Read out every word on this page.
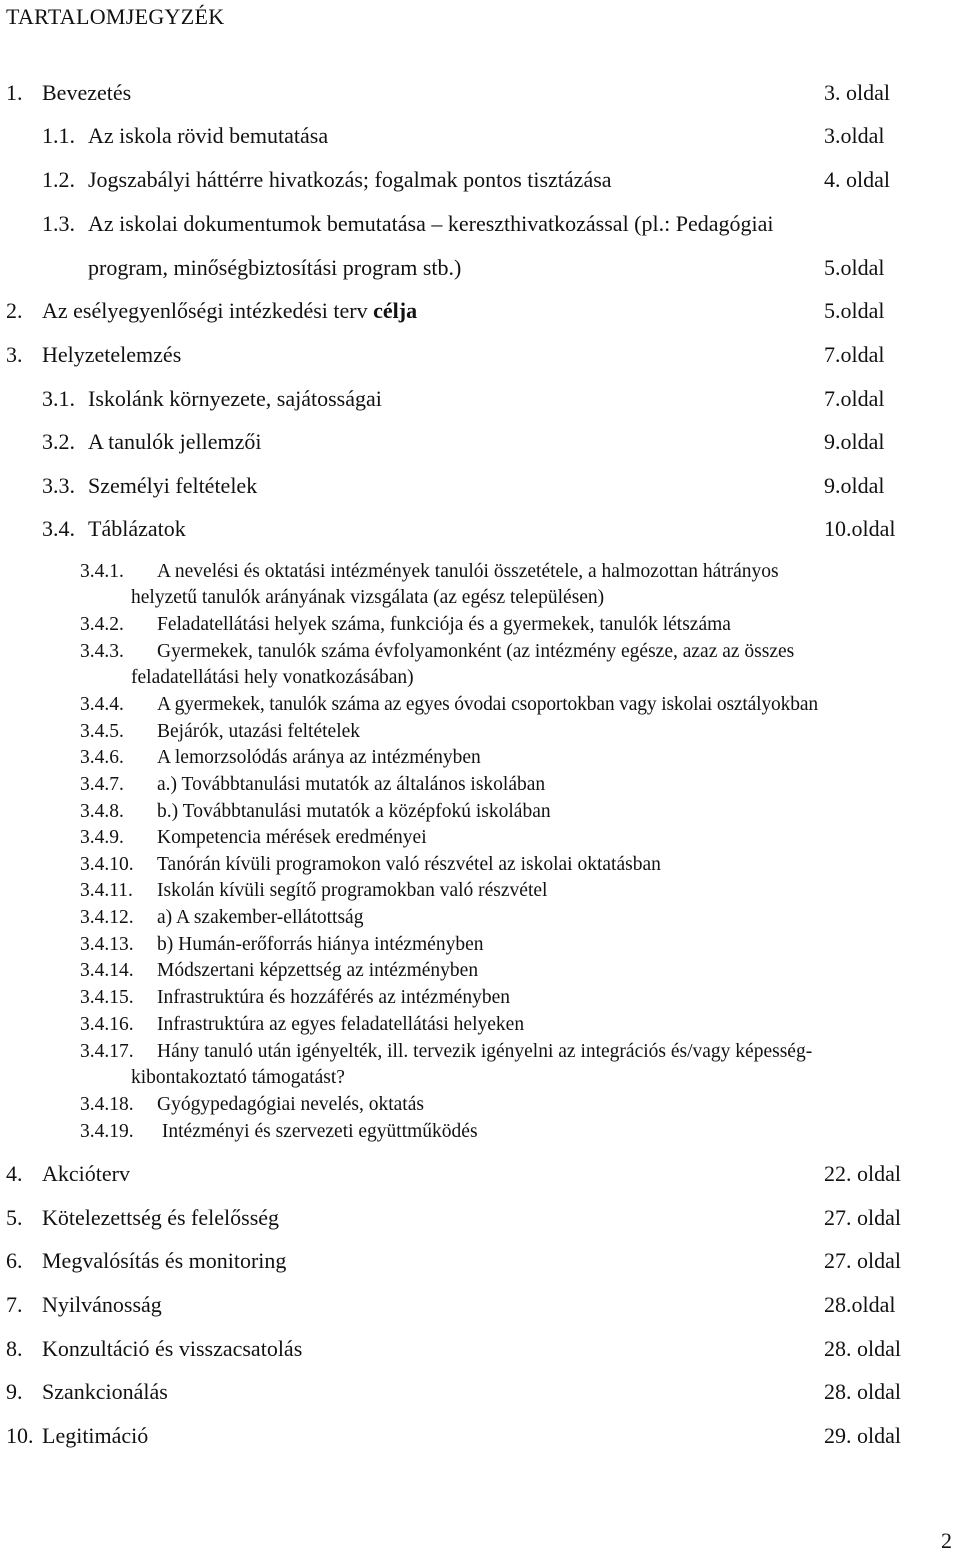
TARTALOMJEGYZÉK
1. Bevezetés	3. oldal
1.1. Az iskola rövid bemutatása	3.oldal
1.2. Jogszabályi háttérre hivatkozás; fogalmak pontos tisztázása	4. oldal
1.3. Az iskolai dokumentumok bemutatása – kereszthivatkozással (pl.: Pedagógiai
program, minőségbiztosítási program stb.)	5.oldal
2. Az esélyegyenlőségi intézkedési terv célja	5.oldal
3. Helyzetelemzés	7.oldal
3.1. Iskolánk környezete, sajátosságai	7.oldal
3.2. A tanulók jellemzői	9.oldal
3.3. Személyi feltételek	9.oldal
3.4. Táblázatok	10.oldal
3.4.1. A nevelési és oktatási intézmények tanulói összetétele, a halmozottan hátrányos
helyzetű tanulók arányának vizsgálata (az egész településen)
3.4.2. Feladatellátási helyek száma, funkciója és a gyermekek, tanulók létszáma
3.4.3. Gyermekek, tanulók száma évfolyamonként (az intézmény egésze, azaz az összes
feladatellátási hely vonatkozásában)
3.4.4. A gyermekek, tanulók száma az egyes óvodai csoportokban vagy iskolai osztályokban
3.4.5. Bejárók, utazási feltételek
3.4.6. A lemorzsolódás aránya az intézményben
3.4.7. a.) Továbbtanulási mutatók az általános iskolában
3.4.8. b.) Továbbtanulási mutatók a középfokú iskolában
3.4.9. Kompetencia mérések eredményei
3.4.10. Tanórán kívüli programokon való részvétel az iskolai oktatásban
3.4.11. Iskolán kívüli segítő programokban való részvétel
3.4.12. a) A szakember-ellátottság
3.4.13. b) Humán-erőforrás hiánya intézményben
3.4.14. Módszertani képzettség az intézményben
3.4.15. Infrastruktúra és hozzáférés az intézményben
3.4.16. Infrastruktúra az egyes feladatellátási helyeken
3.4.17. Hány tanuló után igényelték, ill. tervezik igényelni az integrációs és/vagy képesség-
kibontakoztató támogatást?
3.4.18. Gyógypedagógiai nevelés, oktatás
3.4.19. Intézményi és szervezeti együttműködés
4. Akcióterv	22. oldal
5. Kötelezettség és felelősség	27. oldal
6. Megvalósítás és monitoring	27. oldal
7. Nyilvánosság	28.oldal
8. Konzultáció és visszacsatolás	28. oldal
9. Szankcionálás	28. oldal
10. Legitimáció	29. oldal
2
